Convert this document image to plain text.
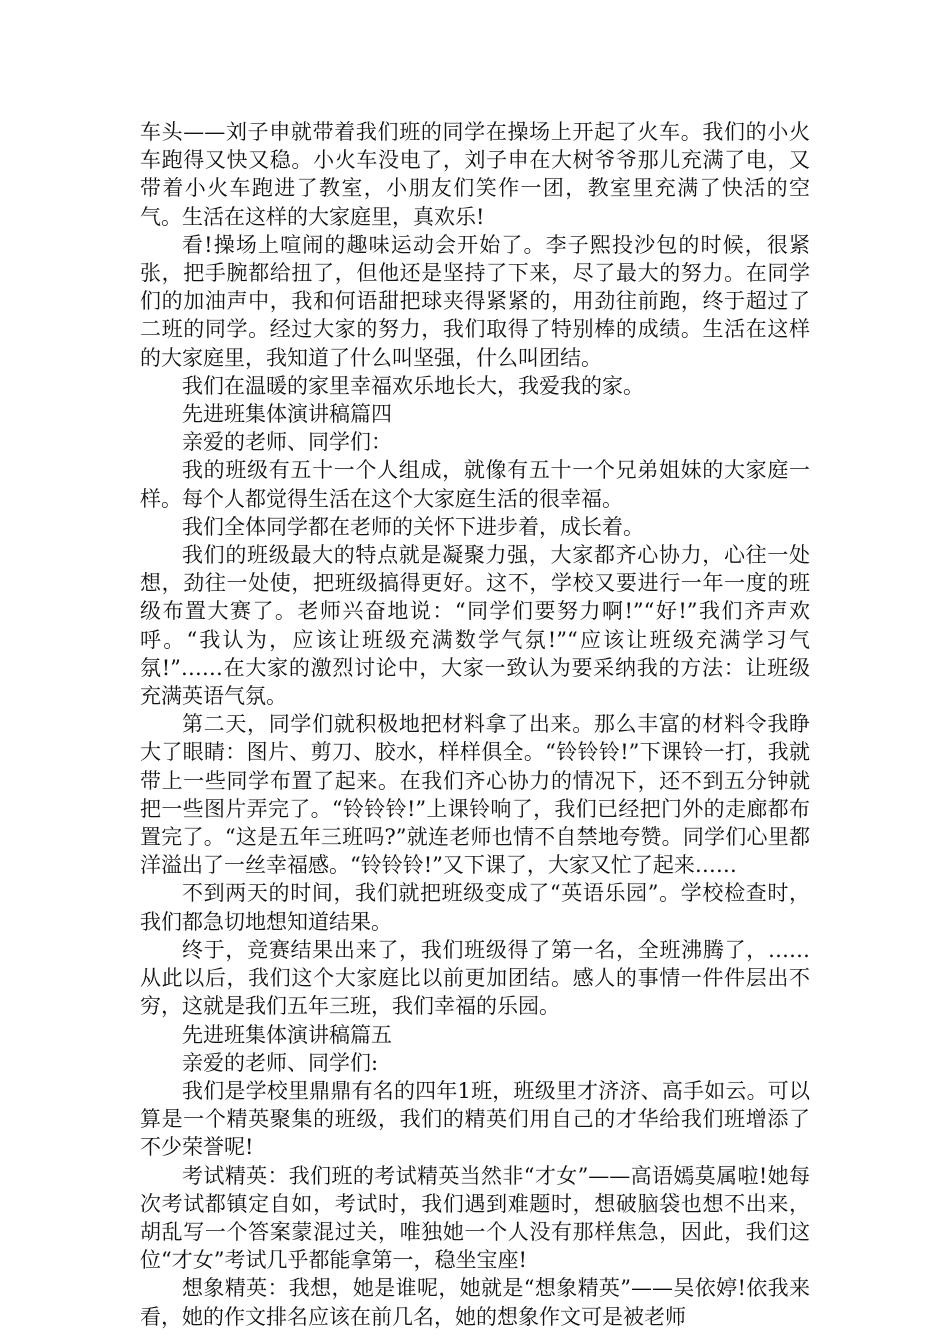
车头——刘子申就带着我们班的同学在操场上开起了火车。我们的小火车跑得又快又稳。小火车没电了，刘子申在大树爷爷那儿充满了电，又带着小火车跑进了教室，小朋友们笑作一团，教室里充满了快活的空气。生活在这样的大家庭里，真欢乐!

看!操场上喧闹的趣味运动会开始了。李子熙投沙包的时候，很紧张，把手腕都给扭了，但他还是坚持了下来，尽了最大的努力。在同学们的加油声中，我和何语甜把球夹得紧紧的，用劲往前跑，终于超过了二班的同学。经过大家的努力，我们取得了特别棒的成绩。生活在这样的大家庭里，我知道了什么叫坚强，什么叫团结。

我们在温暖的家里幸福欢乐地长大，我爱我的家。

先进班集体演讲稿篇四

亲爱的老师、同学们：

我的班级有五十一个人组成，就像有五十一个兄弟姐妹的大家庭一样。每个人都觉得生活在这个大家庭生活的很幸福。

我们全体同学都在老师的关怀下进步着，成长着。

我们的班级最大的特点就是凝聚力强，大家都齐心协力，心往一处想，劲往一处使，把班级搞得更好。这不，学校又要进行一年一度的班级布置大赛了。老师兴奋地说：“同学们要努力啊!”“好!”我们齐声欢呼。“我认为，应该让班级充满数学气氛!”“应该让班级充满学习气氛!”……在大家的激烈讨论中，大家一致认为要采纳我的方法：让班级充满英语气氛。

第二天，同学们就积极地把材料拿了出来。那么丰富的材料令我睁大了眼睛：图片、剪刀、胶水，样样俱全。“铃铃铃!”下课铃一打，我就带上一些同学布置了起来。在我们齐心协力的情况下，还不到五分钟就把一些图片弄完了。“铃铃铃!”上课铃响了，我们已经把门外的走廊都布置完了。“这是五年三班吗?”就连老师也情不自禁地夸赞。同学们心里都洋溢出了一丝幸福感。“铃铃铃!”又下课了，大家又忙了起来……

不到两天的时间，我们就把班级变成了“英语乐园”。学校检查时，我们都急切地想知道结果。

终于，竞赛结果出来了，我们班级得了第一名，全班沸腾了，……从此以后，我们这个大家庭比以前更加团结。感人的事情一件件层出不穷，这就是我们五年三班，我们幸福的乐园。

先进班集体演讲稿篇五

亲爱的老师、同学们:

我们是学校里鼎鼎有名的四年1班，班级里才济济、高手如云。可以算是一个精英聚集的班级，我们的精英们用自己的才华给我们班增添了不少荣誉呢!

考试精英：我们班的考试精英当然非“才女”——高语嫣莫属啦!她每次考试都镇定自如，考试时，我们遇到难题时，想破脑袋也想不出来，胡乱写一个答案蒙混过关，唯独她一个人没有那样焦急，因此，我们这位“才女”考试几乎都能拿第一，稳坐宝座!

想象精英：我想，她是谁呢，她就是“想象精英”——吴依婷!依我来看，她的作文排名应该在前几名，她的想象作文可是被老师
